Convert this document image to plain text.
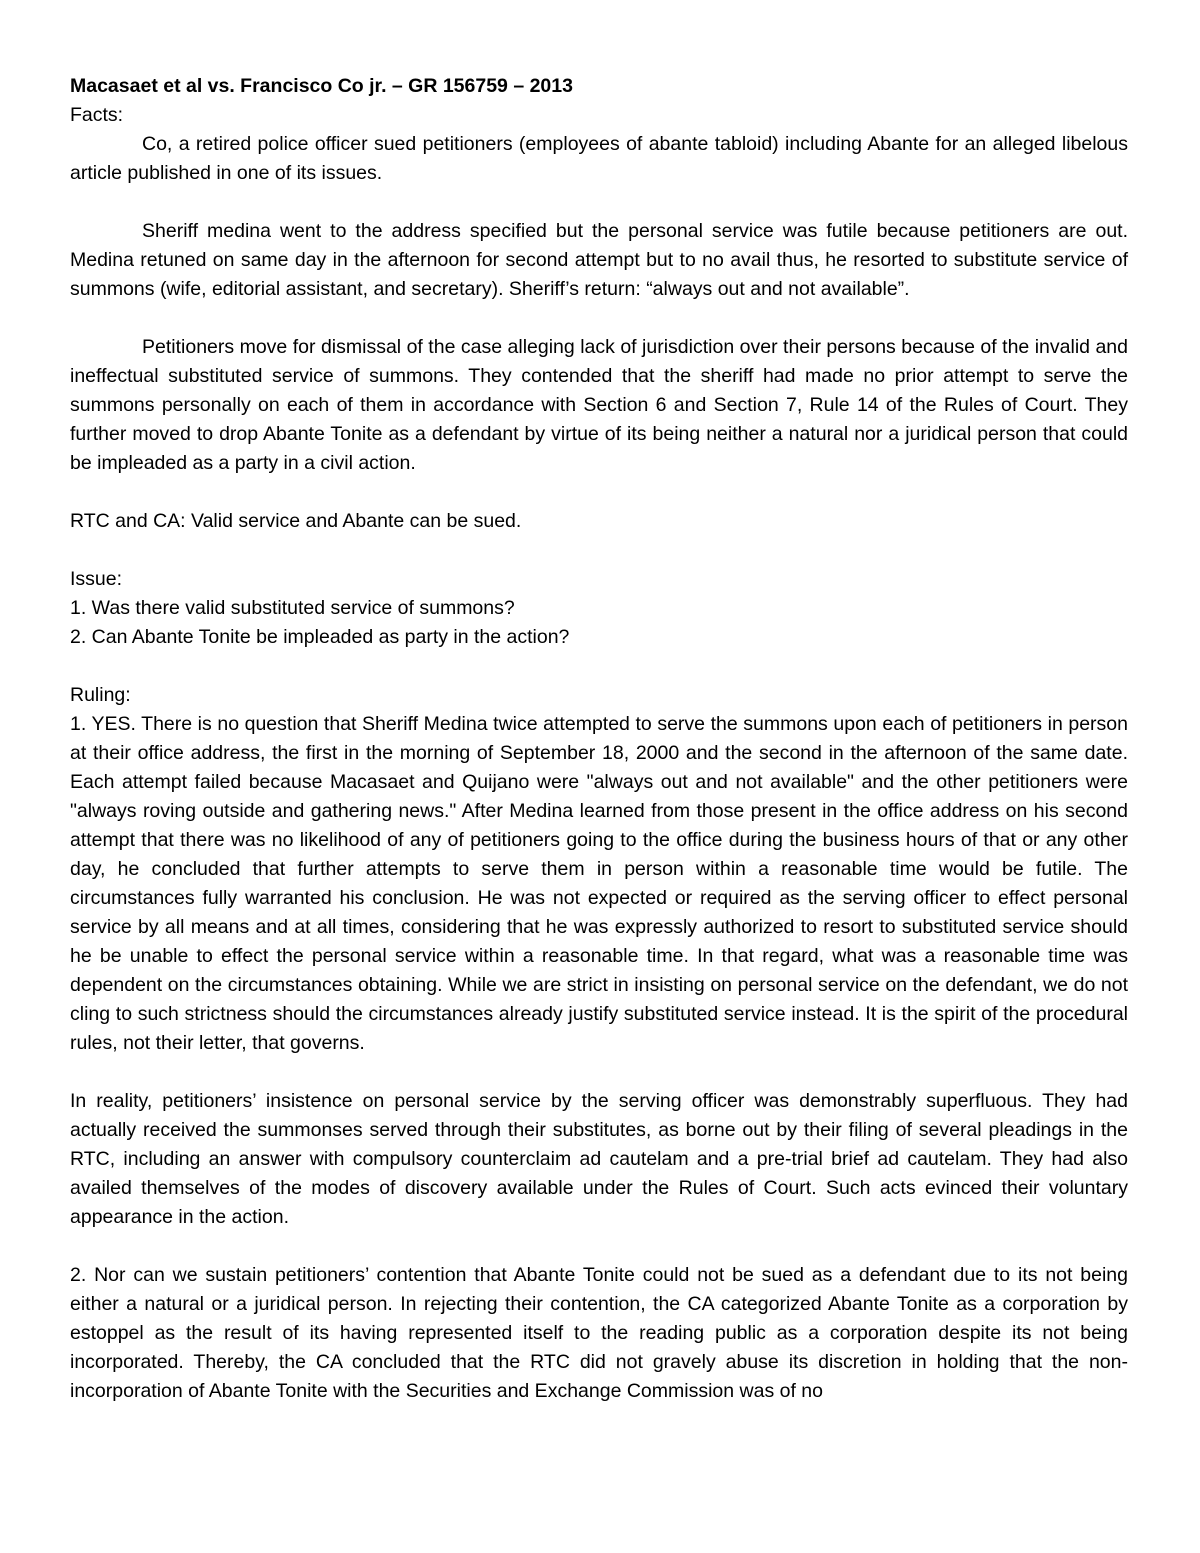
Macasaet et al vs. Francisco Co jr. – GR 156759 – 2013
Facts:

Co, a retired police officer sued petitioners (employees of abante tabloid) including Abante for an alleged libelous article published in one of its issues.

Sheriff medina went to the address specified but the personal service was futile because petitioners are out. Medina retuned on same day in the afternoon for second attempt but to no avail thus, he resorted to substitute service of summons (wife, editorial assistant, and secretary). Sheriff’s return: “always out and not available”.

Petitioners move for dismissal of the case alleging lack of jurisdiction over their persons because of the invalid and ineffectual substituted service of summons. They contended that the sheriff had made no prior attempt to serve the summons personally on each of them in accordance with Section 6 and Section 7, Rule 14 of the Rules of Court. They further moved to drop Abante Tonite as a defendant by virtue of its being neither a natural nor a juridical person that could be impleaded as a party in a civil action.

RTC and CA: Valid service and Abante can be sued.

Issue:
1. Was there valid substituted service of summons?
2. Can Abante Tonite be impleaded as party in the action?
Ruling:

1. YES. There is no question that Sheriff Medina twice attempted to serve the summons upon each of petitioners in person at their office address, the first in the morning of September 18, 2000 and the second in the afternoon of the same date. Each attempt failed because Macasaet and Quijano were "always out and not available" and the other petitioners were "always roving outside and gathering news." After Medina learned from those present in the office address on his second attempt that there was no likelihood of any of petitioners going to the office during the business hours of that or any other day, he concluded that further attempts to serve them in person within a reasonable time would be futile. The circumstances fully warranted his conclusion. He was not expected or required as the serving officer to effect personal service by all means and at all times, considering that he was expressly authorized to resort to substituted service should he be unable to effect the personal service within a reasonable time. In that regard, what was a reasonable time was dependent on the circumstances obtaining. While we are strict in insisting on personal service on the defendant, we do not cling to such strictness should the circumstances already justify substituted service instead. It is the spirit of the procedural rules, not their letter, that governs.

In reality, petitioners’ insistence on personal service by the serving officer was demonstrably superfluous. They had actually received the summonses served through their substitutes, as borne out by their filing of several pleadings in the RTC, including an answer with compulsory counterclaim ad cautelam and a pre-trial brief ad cautelam. They had also availed themselves of the modes of discovery available under the Rules of Court. Such acts evinced their voluntary appearance in the action.

2. Nor can we sustain petitioners’ contention that Abante Tonite could not be sued as a defendant due to its not being either a natural or a juridical person. In rejecting their contention, the CA categorized Abante Tonite as a corporation by estoppel as the result of its having represented itself to the reading public as a corporation despite its not being incorporated. Thereby, the CA concluded that the RTC did not gravely abuse its discretion in holding that the non-incorporation of Abante Tonite with the Securities and Exchange Commission was of no
